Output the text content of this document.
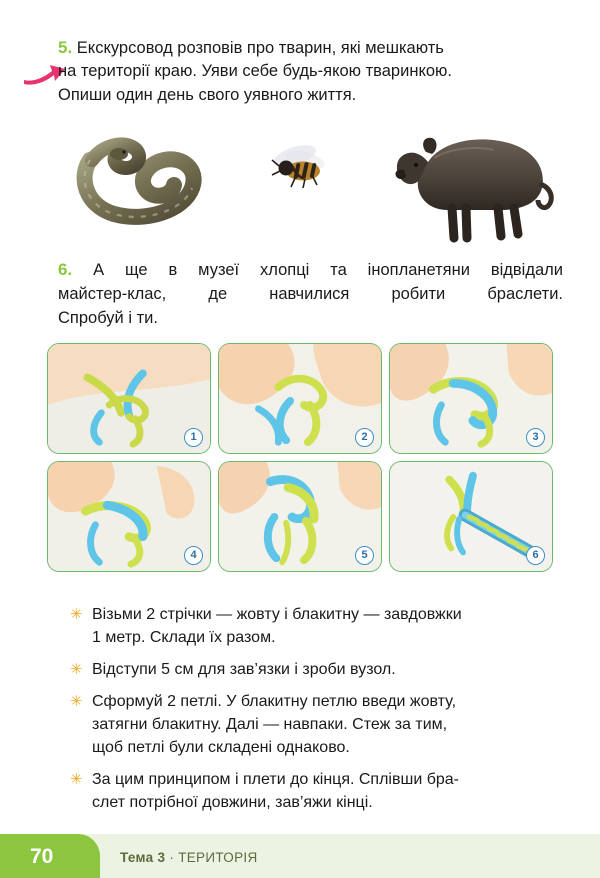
5. Екскурсовод розповів про тварин, які мешкають
на території краю. Уяви себе будь-якою тваринкою.
Опиши один день свого уявного життя.
6. А ще в музеї хлопці та інопланетяни відвідали
майстер-клас, де навчилися робити браслети.
Спробуй і ти.
1	2	3
4	5	6
✳ Візьми 2 стрічки — жовту і блакитну — завдовжки
1 метр. Склади їх разом.
✳ Відступи 5 см для зав’язки і зроби вузол.
✳ Сформуй 2 петлі. У блакитну петлю введи жовту,
затягни блакитну. Далі — навпаки. Стеж за тим,
щоб петлі були складені однаково.
✳ За цим принципом і плети до кінця. Сплівши бра-
слет потрібної довжини, зав’яжи кінці.
70	Тема 3 · ТЕРИТОРІЯ
